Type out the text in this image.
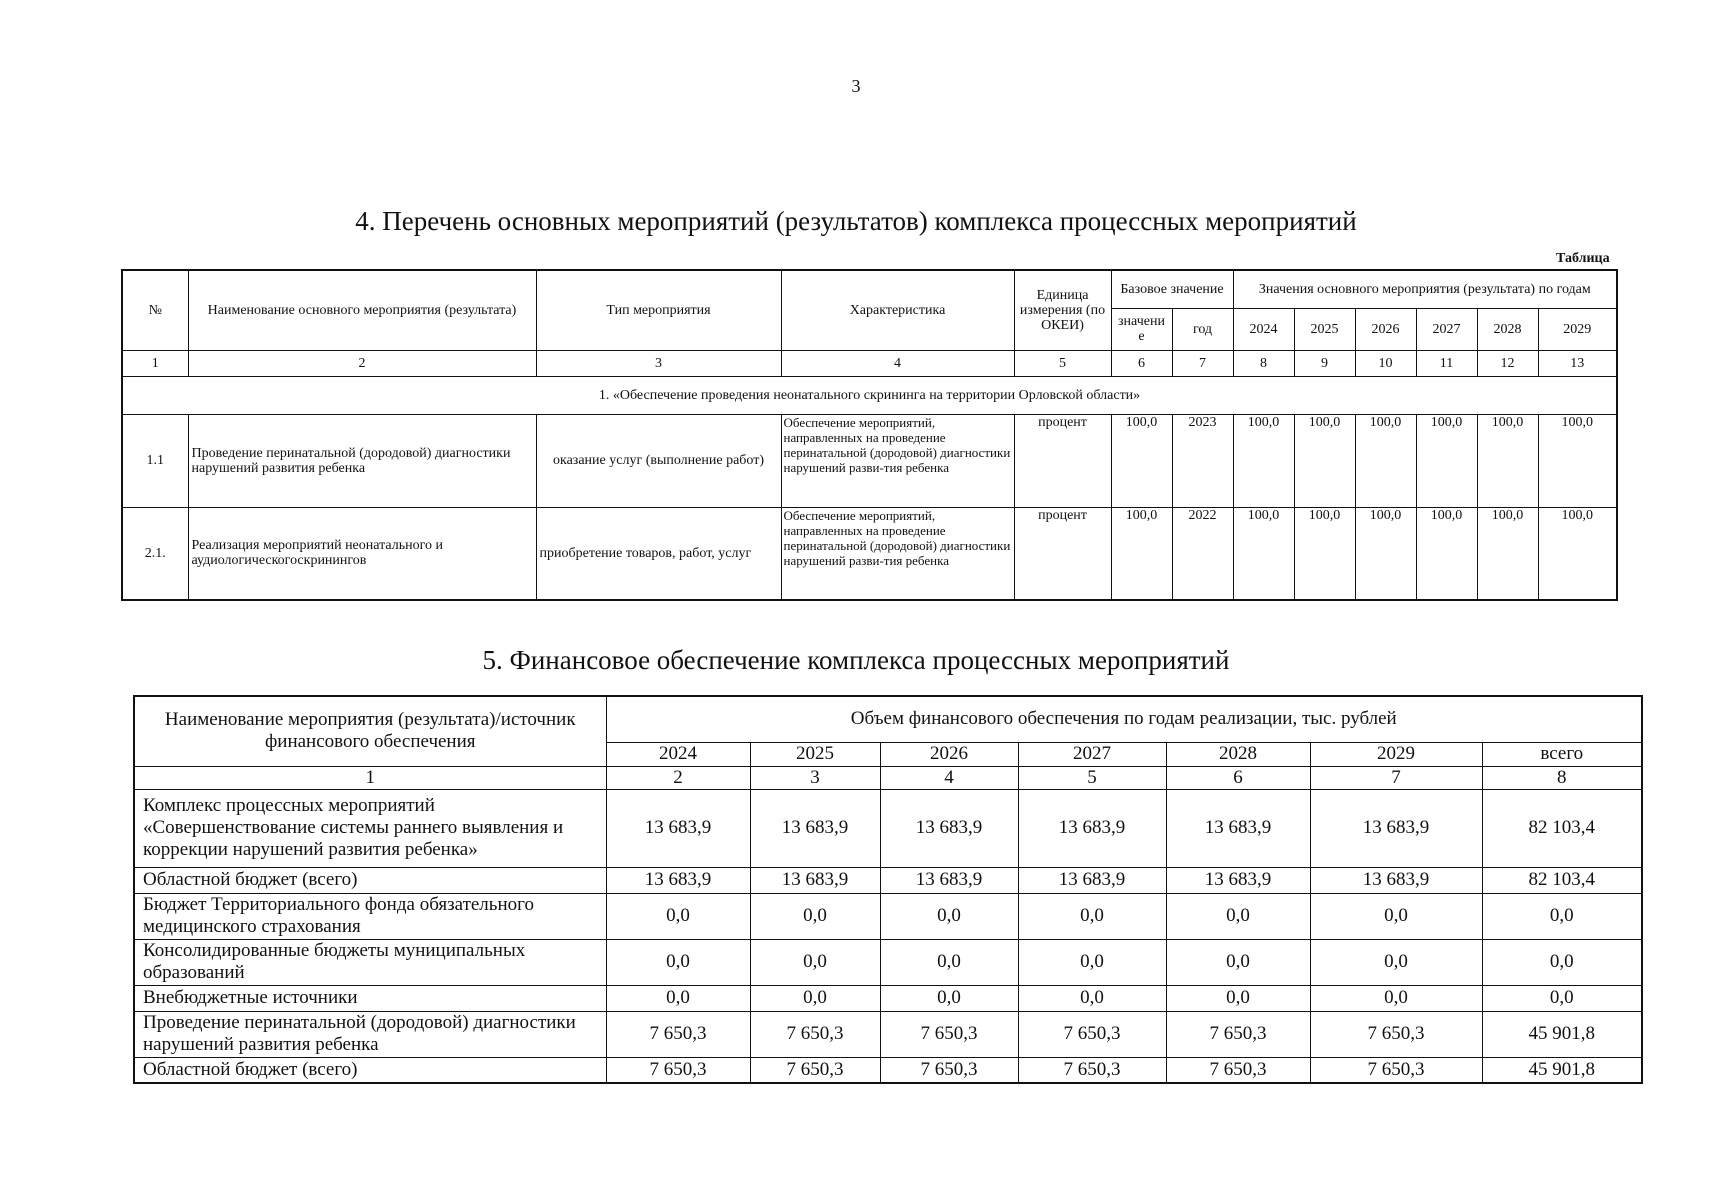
3
4. Перечень основных мероприятий (результатов) комплекса процессных мероприятий
Таблица
№	Наименование основного мероприятия (результата)	Тип мероприятия	Характеристика	Единица измерения (по ОКЕИ)	Базовое значение		Значения основного мероприятия (результата) по годам					
					значени е	год	2024	2025	2026	2027	2028	2029
1	2	3	4	5	6	7	8	9	10	11	12	13
1. «Обеспечение проведения неонатального скрининга на территории Орловской области»												
1.1	Проведение перинатальной (дородовой) диагностики нарушений развития ребенка	оказание услуг (выполнение работ)	Обеспечение мероприятий, направленных на проведение перинатальной (дородовой) диагностики нарушений разви-тия ребенка	процент	100,0	2023	100,0	100,0	100,0	100,0	100,0	100,0
2.1.	Реализация мероприятий неонатального и аудиологическогоскринингов	приобретение товаров, работ, услуг	Обеспечение мероприятий, направленных на проведение перинатальной (дородовой) диагностики нарушений разви-тия ребенка	процент	100,0	2022	100,0	100,0	100,0	100,0	100,0	100,0
5. Финансовое обеспечение комплекса процессных мероприятий
Наименование мероприятия (результата)/источник финансового обеспечения	Объем финансового обеспечения по годам реализации, тыс. рублей						
	2024	2025	2026	2027	2028	2029	всего
1	2	3	4	5	6	7	8
Комплекс процессных мероприятий «Совершенствование системы раннего выявления и коррекции нарушений развития ребенка»	13 683,9	13 683,9	13 683,9	13 683,9	13 683,9	13 683,9	82 103,4
Областной бюджет (всего)	13 683,9	13 683,9	13 683,9	13 683,9	13 683,9	13 683,9	82 103,4
Бюджет Территориального фонда обязательного медицинского страхования	0,0	0,0	0,0	0,0	0,0	0,0	0,0
Консолидированные бюджеты муниципальных образований	0,0	0,0	0,0	0,0	0,0	0,0	0,0
Внебюджетные источники	0,0	0,0	0,0	0,0	0,0	0,0	0,0
Проведение перинатальной (дородовой) диагностики нарушений развития ребенка	7 650,3	7 650,3	7 650,3	7 650,3	7 650,3	7 650,3	45 901,8
Областной бюджет (всего)	7 650,3	7 650,3	7 650,3	7 650,3	7 650,3	7 650,3	45 901,8
